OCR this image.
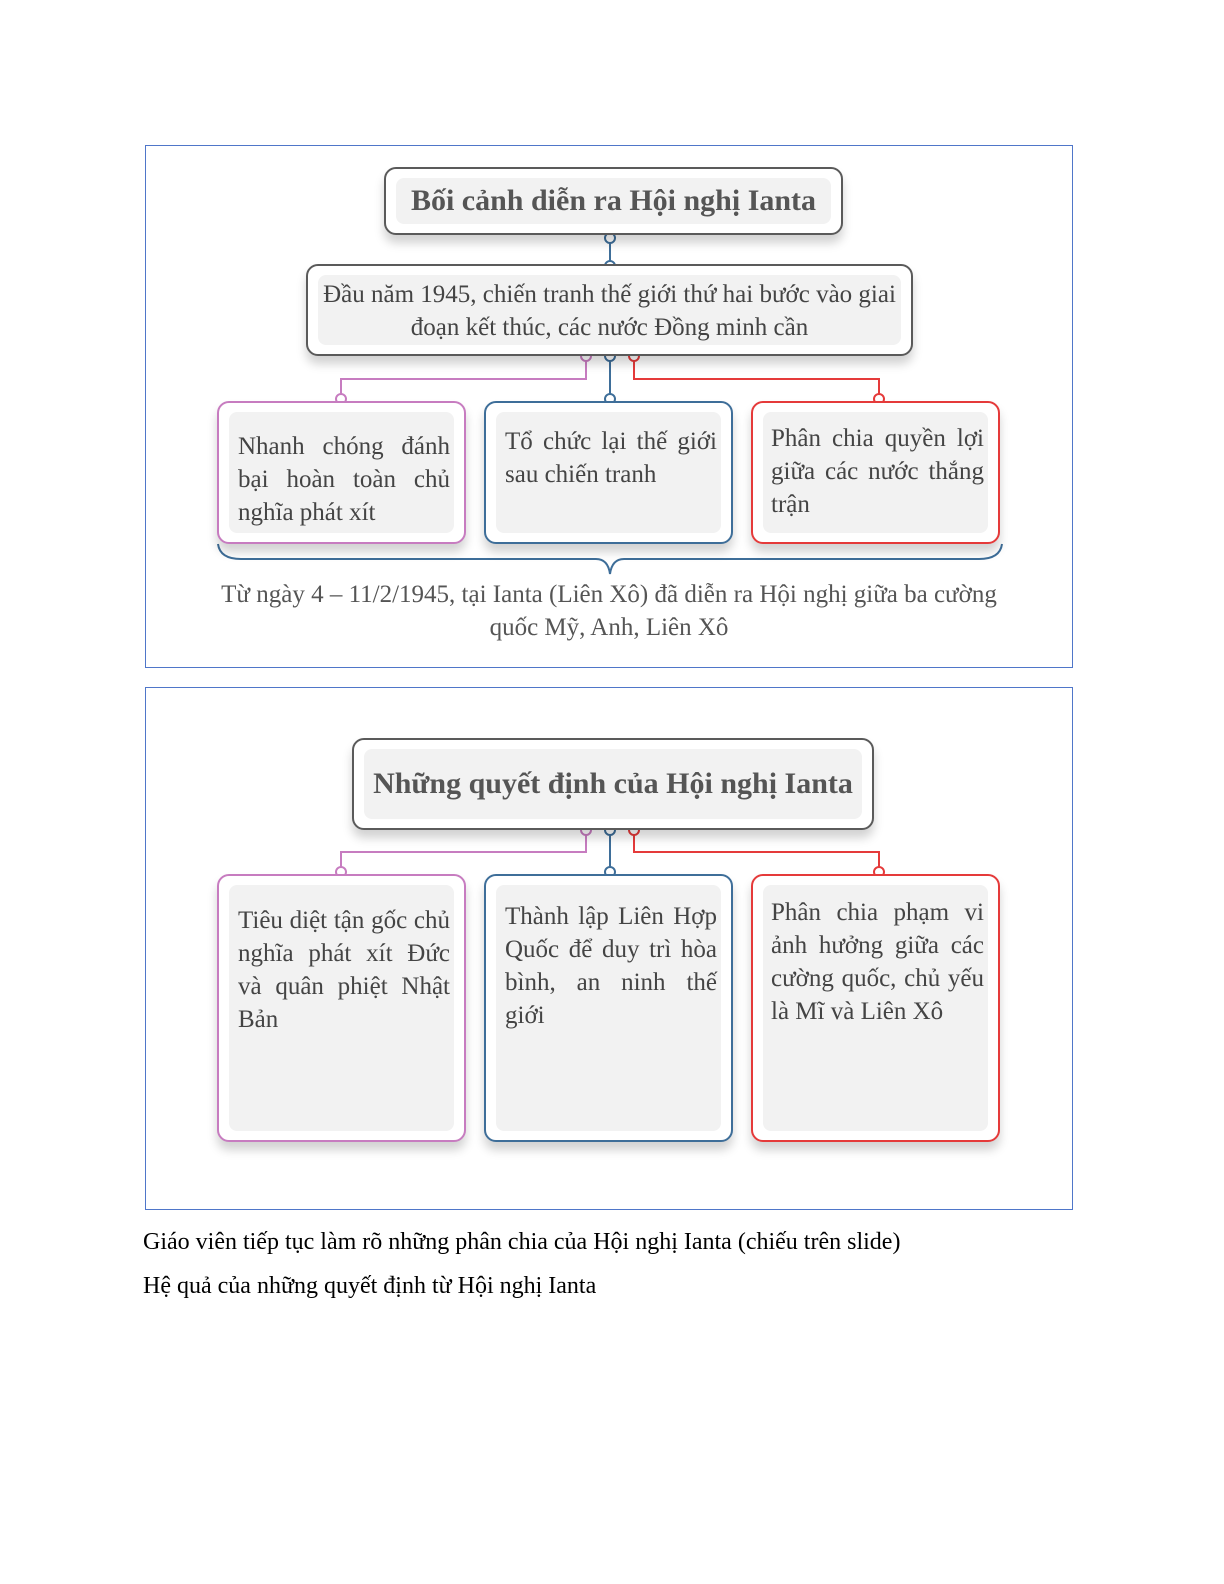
Bối cảnh diễn ra Hội nghị Ianta
Đầu năm 1945, chiến tranh thế giới thứ hai bước vào giai đoạn kết thúc, các nước Đồng minh cần
Nhanh chóng đánh bại hoàn toàn chủ nghĩa phát xít
Tổ chức lại thế giới sau chiến tranh
Phân chia quyền lợi giữa các nước thắng trận
Từ ngày 4 – 11/2/1945, tại Ianta (Liên Xô) đã diễn ra Hội nghị giữa ba cường quốc Mỹ, Anh, Liên Xô
Những quyết định của Hội nghị Ianta
Tiêu diệt tận gốc chủ nghĩa phát xít Đức và quân phiệt Nhật Bản
Thành lập Liên Hợp Quốc để duy trì hòa bình, an ninh thế giới
Phân chia phạm vi ảnh hưởng giữa các cường quốc, chủ yếu là Mĩ và Liên Xô
Giáo viên tiếp tục làm rõ những phân chia của Hội nghị Ianta (chiếu trên slide)
Hệ quả của những quyết định từ Hội nghị Ianta
